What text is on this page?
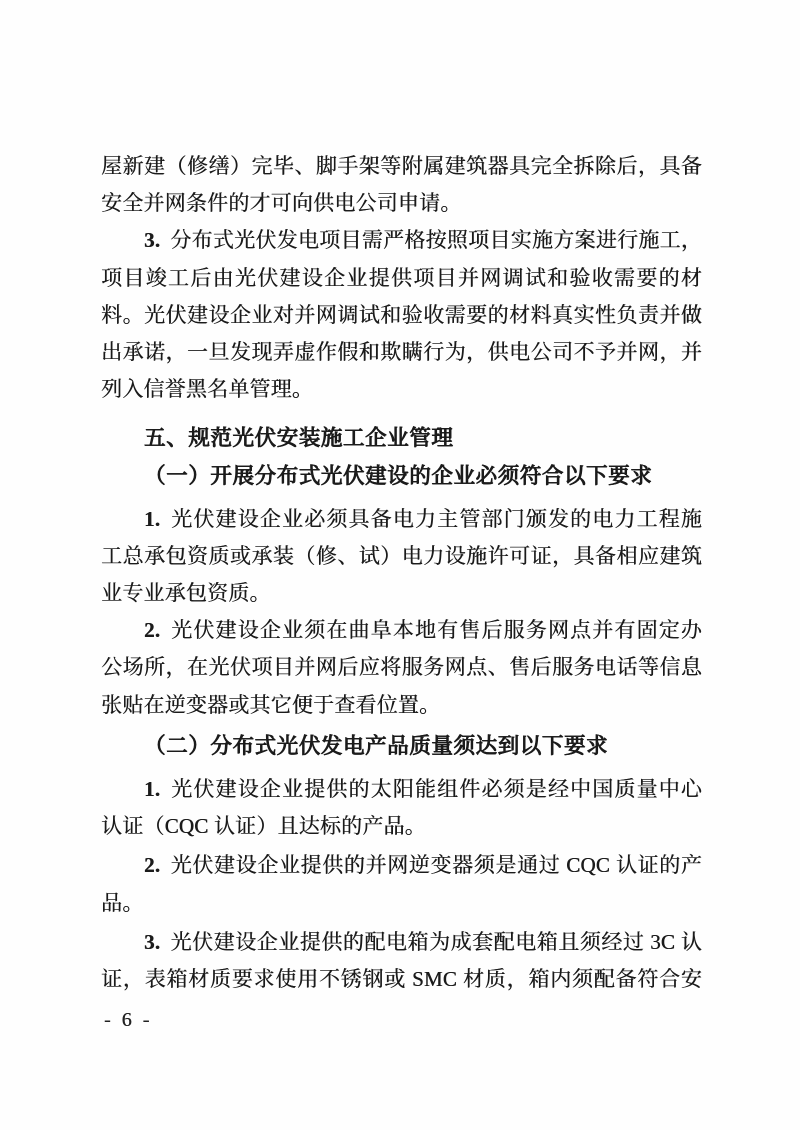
屋新建（修缮）完毕、脚手架等附属建筑器具完全拆除后，具备
安全并网条件的才可向供电公司申请。
3. 分布式光伏发电项目需严格按照项目实施方案进行施工，
项目竣工后由光伏建设企业提供项目并网调试和验收需要的材
料。光伏建设企业对并网调试和验收需要的材料真实性负责并做
出承诺，一旦发现弄虚作假和欺瞒行为，供电公司不予并网，并
列入信誉黑名单管理。
五、规范光伏安装施工企业管理
（一）开展分布式光伏建设的企业必须符合以下要求
1. 光伏建设企业必须具备电力主管部门颁发的电力工程施
工总承包资质或承装（修、试）电力设施许可证，具备相应建筑
业专业承包资质。
2. 光伏建设企业须在曲阜本地有售后服务网点并有固定办
公场所，在光伏项目并网后应将服务网点、售后服务电话等信息
张贴在逆变器或其它便于查看位置。
（二）分布式光伏发电产品质量须达到以下要求
1. 光伏建设企业提供的太阳能组件必须是经中国质量中心
认证（CQC 认证）且达标的产品。
2. 光伏建设企业提供的并网逆变器须是通过 CQC 认证的产
品。
3. 光伏建设企业提供的配电箱为成套配电箱且须经过 3C 认
证，表箱材质要求使用不锈钢或 SMC 材质，箱内须配备符合安
- 6 -
